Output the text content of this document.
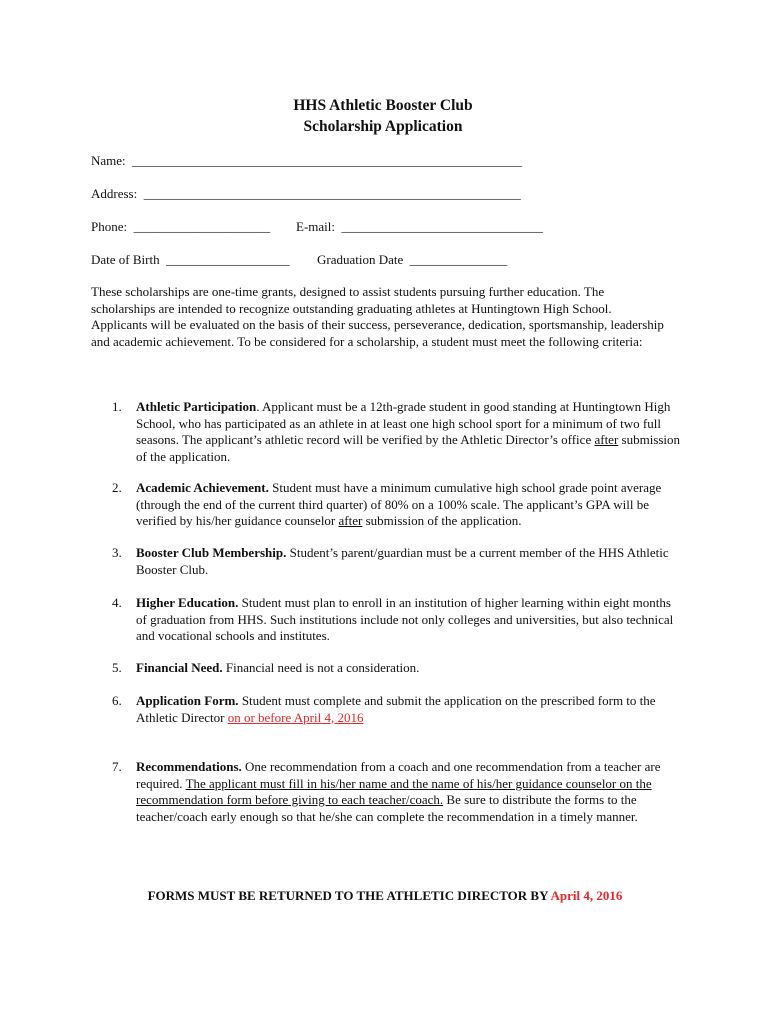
HHS Athletic Booster Club
Scholarship Application
Name:  ____________________________________________________________
Address:  __________________________________________________________
Phone:  _____________________ E-mail:  _______________________________
Date of Birth  ___________________ Graduation Date  _______________
These scholarships are one-time grants, designed to assist students pursuing further education. The scholarships are intended to recognize outstanding graduating athletes at Huntingtown High School. Applicants will be evaluated on the basis of their success, perseverance, dedication, sportsmanship, leadership and academic achievement. To be considered for a scholarship, a student must meet the following criteria:
1. Athletic Participation. Applicant must be a 12th-grade student in good standing at Huntingtown High School, who has participated as an athlete in at least one high school sport for a minimum of two full seasons. The applicant’s athletic record will be verified by the Athletic Director’s office after submission of the application.
2. Academic Achievement. Student must have a minimum cumulative high school grade point average (through the end of the current third quarter) of 80% on a 100% scale. The applicant’s GPA will be verified by his/her guidance counselor after submission of the application.
3. Booster Club Membership. Student’s parent/guardian must be a current member of the HHS Athletic Booster Club.
4. Higher Education. Student must plan to enroll in an institution of higher learning within eight months of graduation from HHS. Such institutions include not only colleges and universities, but also technical and vocational schools and institutes.
5. Financial Need. Financial need is not a consideration.
6. Application Form. Student must complete and submit the application on the prescribed form to the Athletic Director on or before April 4, 2016
7. Recommendations. One recommendation from a coach and one recommendation from a teacher are required. The applicant must fill in his/her name and the name of his/her guidance counselor on the recommendation form before giving to each teacher/coach. Be sure to distribute the forms to the teacher/coach early enough so that he/she can complete the recommendation in a timely manner.
FORMS MUST BE RETURNED TO THE ATHLETIC DIRECTOR BY April 4, 2016
